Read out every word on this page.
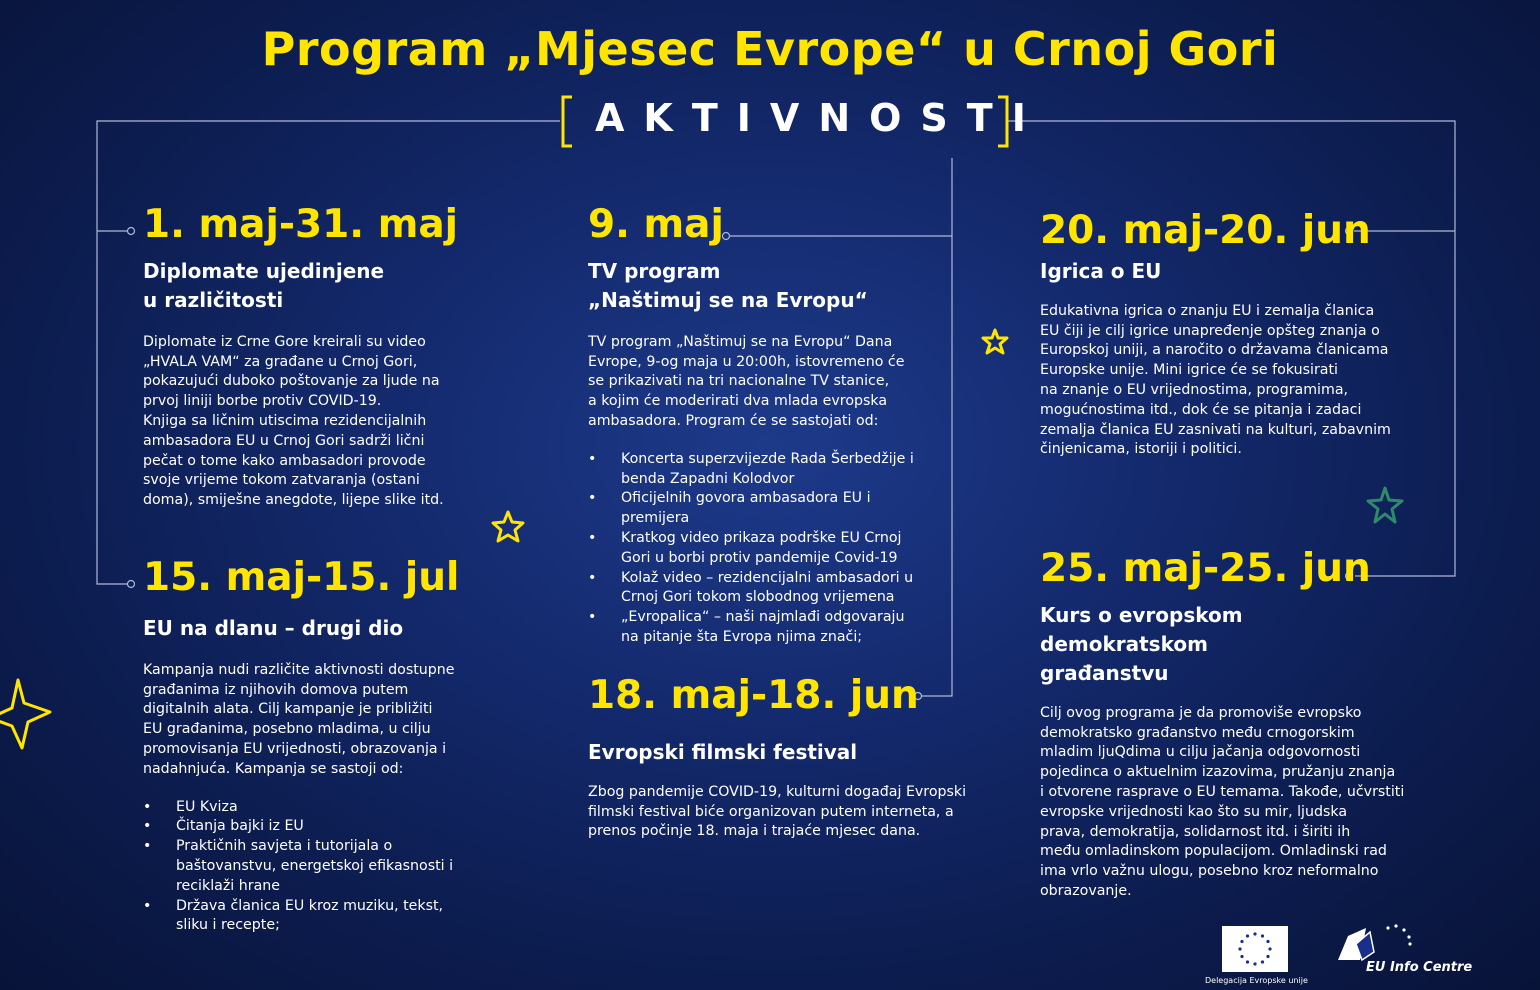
Program „Mjesec Evrope“ u Crnoj Gori
AKTIVNOSTI
1. maj-31. maj
Diplomate ujedinjene
u različitosti
Diplomate iz Crne Gore kreirali su video
„HVALA VAM“ za građane u Crnoj Gori,
pokazujući duboko poštovanje za ljude na
prvoj liniji borbe protiv COVID-19.
Knjiga sa ličnim utiscima rezidencijalnih
ambasadora EU u Crnoj Gori sadrži lični
pečat o tome kako ambasadori provode
svoje vrijeme tokom zatvaranja (ostani
doma), smiješne anegdote, lijepe slike itd.
15. maj-15. jul
EU na dlanu – drugi dio
Kampanja nudi različite aktivnosti dostupne
građanima iz njihovih domova putem
digitalnih alata. Cilj kampanje je približiti
EU građanima, posebno mladima, u cilju
promovisanja EU vrijednosti, obrazovanja i
nadahnjuća. Kampanja se sastoji od:
• EU Kviza
• Čitanja bajki iz EU
• Praktičnih savjeta i tutorijala o
baštovanstvu, energetskoj efikasnosti i
reciklaži hrane
• Država članica EU kroz muziku, tekst,
sliku i recepte;
9. maj
TV program
„Naštimuj se na Evropu“
TV program „Naštimuj se na Evropu“ Dana
Evrope, 9-og maja u 20:00h, istovremeno će
se prikazivati na tri nacionalne TV stanice,
a kojim će moderirati dva mlada evropska
ambasadora. Program će se sastojati od:
• Koncerta superzvijezde Rada Šerbedžije i
benda Zapadni Kolodvor
• Oficijelnih govora ambasadora EU i
premijera
• Kratkog video prikaza podrške EU Crnoj
Gori u borbi protiv pandemije Covid-19
• Kolaž video – rezidencijalni ambasadori u
Crnoj Gori tokom slobodnog vrijemena
• „Evropalica“ – naši najmlađi odgovaraju
na pitanje šta Evropa njima znači;
18. maj-18. jun
Evropski filmski festival
Zbog pandemije COVID-19, kulturni događaj Evropski
filmski festival biće organizovan putem interneta, a
prenos počinje 18. maja i trajaće mjesec dana.
20. maj-20. jun
Igrica o EU
Edukativna igrica o znanju EU i zemalja članica
EU čiji je cilj igrice unapređenje opšteg znanja o
Europskoj uniji, a naročito o državama članicama
Europske unije. Mini igrice će se fokusirati
na znanje o EU vrijednostima, programima,
mogućnostima itd., dok će se pitanja i zadaci
zemalja članica EU zasnivati na kulturi, zabavnim
činjenicama, istoriji i politici.
25. maj-25. jun
Kurs o evropskom demokratskom
građanstvu
Cilj ovog programa je da promoviše evropsko
demokratsko građanstvo među crnogorskim
mladim ljuQdima u cilju jačanja odgovornosti
pojedinca o aktuelnim izazovima, pružanju znanja
i otvorene rasprave o EU temama. Takođe, učvrstiti
evropske vrijednosti kao što su mir, ljudska
prava, demokratija, solidarnost itd. i širiti ih
među omladinskom populacijom. Omladinski rad
ima vrlo važnu ulogu, posebno kroz neformalno
obrazovanje.
Delegacija Evropske unije
EU Info Centre
